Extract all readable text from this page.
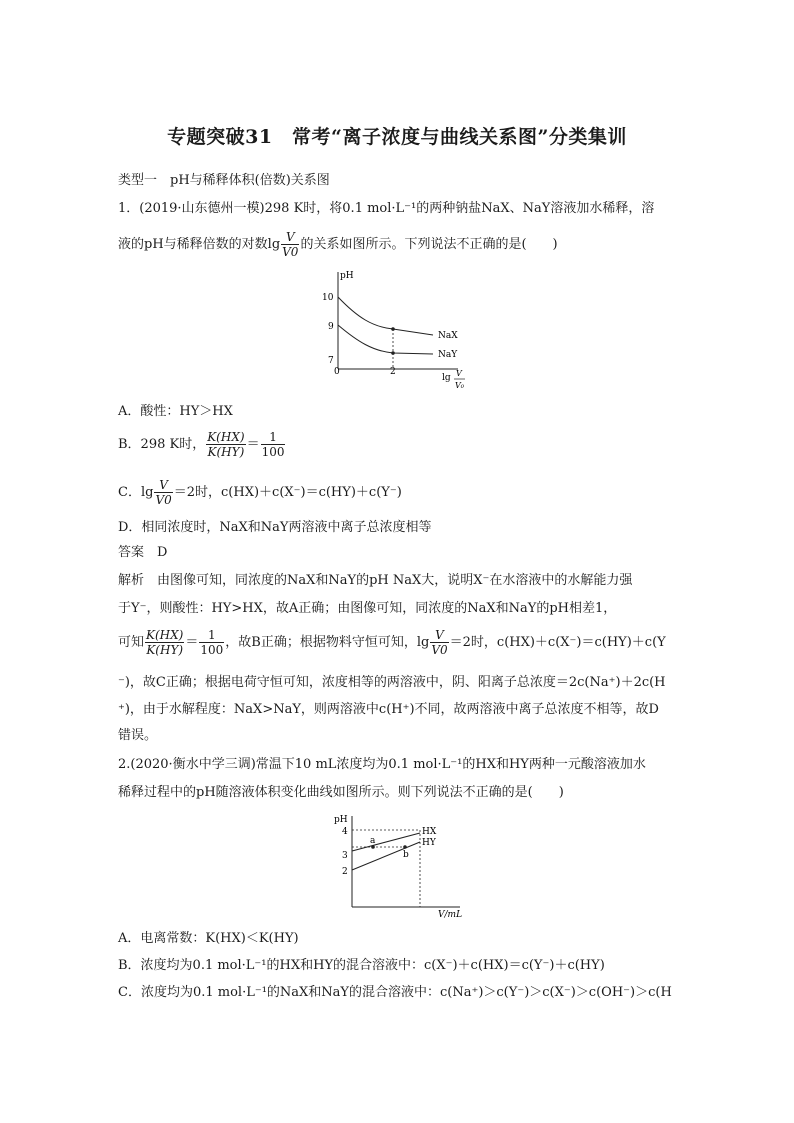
专题突破31　常考“离子浓度与曲线关系图”分类集训
类型一　pH与稀释体积(倍数)关系图
1．(2019·山东德州一模)298 K时，将0.1 mol·L⁻¹的两种钠盐NaX、NaY溶液加水稀释，溶
液的pH与稀释倍数的对数$\lg \frac{V}{V0}$ 的关系如图所示。下列说法不正确的是(　　)
pH
10
9
7
0	2
NaX
NaY
lg V
V₀
A．酸性：HY＞HX
B．298 K时， $\frac{K(HX)}{K(HY)} = \frac{1}{100}$
C．$\lg \frac{V}{V0} =2$时，c(HX)＋c(X⁻)＝c(HY)＋c(Y⁻)
D．相同浓度时，NaX和NaY两溶液中离子总浓度相等
答案　D
解析　由图像可知，同浓度的NaX和NaY的pH NaX大，说明X⁻在水溶液中的水解能力强
于Y⁻，则酸性：HY>HX，故A正确；由图像可知，同浓度的NaX和NaY的pH相差1，
可知 $\frac{K(HX)}{K(HY)} = \frac{1}{100}$ ，故B正确；根据物料守恒可知，$\lg \frac{V}{V0} =2$时，c(HX)＋c(X⁻)＝c(HY)＋c(Y
⁻)，故C正确；根据电荷守恒可知，浓度相等的两溶液中，阴、阳离子总浓度＝2c(Na⁺)＋2c(H
⁺)，由于水解程度：NaX>NaY，则两溶液中c(H⁺)不同，故两溶液中离子总浓度不相等，故D
错误。
2.(2020·衡水中学三调)常温下10 mL浓度均为0.1 mol·L⁻¹的HX和HY两种一元酸溶液加水
稀释过程中的pH随溶液体积变化曲线如图所示。则下列说法不正确的是(　　)
pH
4
3
2
a
b
HX
HY
V/mL
A．电离常数：K(HX)＜K(HY)
B．浓度均为0.1 mol·L⁻¹的HX和HY的混合溶液中：c(X⁻)＋c(HX)＝c(Y⁻)＋c(HY)
C．浓度均为0.1 mol·L⁻¹的NaX和NaY的混合溶液中：c(Na⁺)＞c(Y⁻)＞c(X⁻)＞c(OH⁻)＞c(H
